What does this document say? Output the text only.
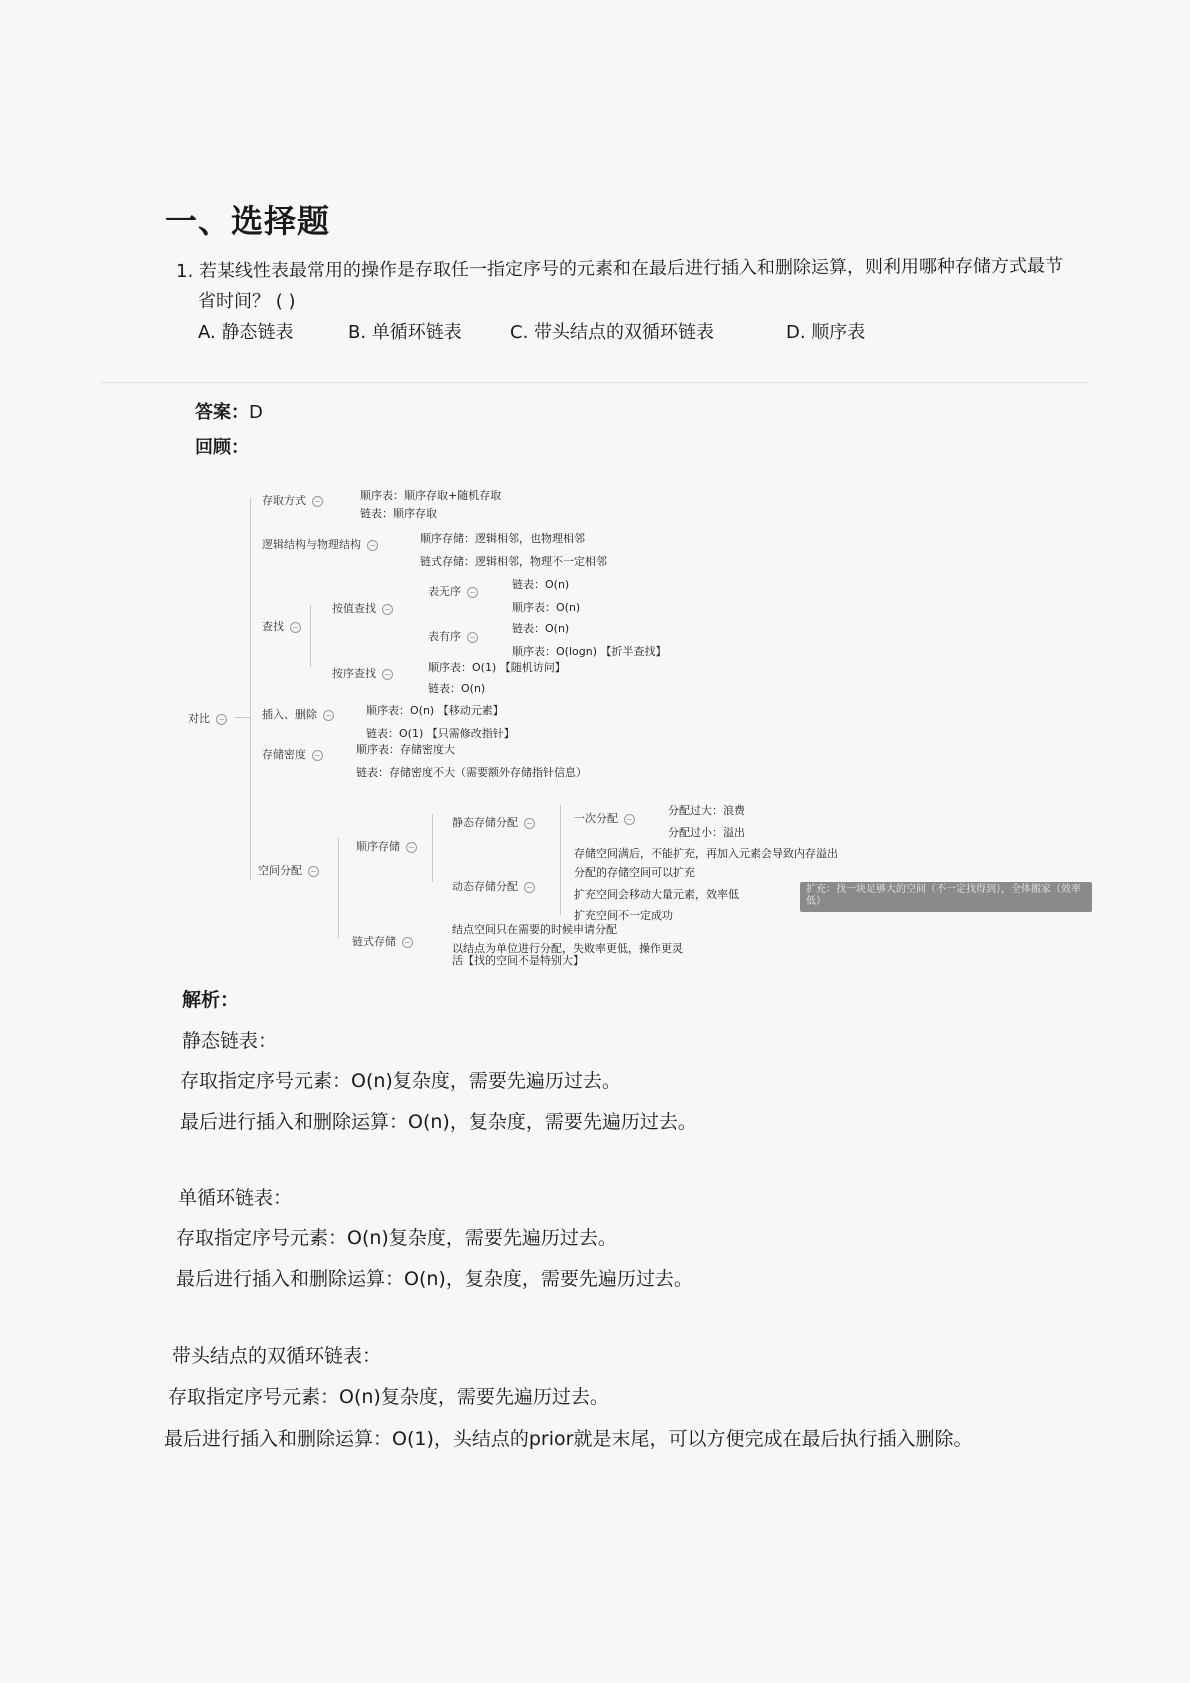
一、选择题
1. 若某线性表最常用的操作是存取任一指定序号的元素和在最后进行插入和删除运算，则利用哪种存储方式最节
省时间？ ( )
A. 静态链表	B. 单循环链表	C. 带头结点的双循环链表	D. 顺序表
答案：D
回顾：
对比 −
存取方式 −	顺序表：顺序存取+随机存取
链表：顺序存取
逻辑结构与物理结构 −	顺序存储：逻辑相邻，也物理相邻
链式存储：逻辑相邻，物理不一定相邻
查找 −
按值查找 −
表无序 −
链表：O(n)
顺序表：O(n)
表有序 −
链表：O(n)
顺序表：O(logn) 【折半查找】
按序查找 −	顺序表：O(1) 【随机访问】
链表：O(n)
插入、删除 −	顺序表：O(n) 【移动元素】
链表：O(1) 【只需修改指针】
存储密度 −	顺序表：存储密度大
链表：存储密度不大（需要额外存储指针信息）
空间分配 −
顺序存储 −
静态存储分配 −	一次分配 −
分配过大：浪费
分配过小：溢出
存储空间满后，不能扩充，再加入元素会导致内存溢出
动态存储分配 −
分配的存储空间可以扩充
扩充空间会移动大量元素，效率低
扩充空间不一定成功
扩充：找一块足够大的空间（不一定找得到），全体搬家（效率低）
链式存储 −
结点空间只在需要的时候申请分配
以结点为单位进行分配，失败率更低，操作更灵活【找的空间不是特别大】
解析：
静态链表：
存取指定序号元素：O(n)复杂度，需要先遍历过去。
最后进行插入和删除运算：O(n)，复杂度，需要先遍历过去。
单循环链表：
存取指定序号元素：O(n)复杂度，需要先遍历过去。
最后进行插入和删除运算：O(n)，复杂度，需要先遍历过去。
带头结点的双循环链表：
存取指定序号元素：O(n)复杂度，需要先遍历过去。
最后进行插入和删除运算：O(1)，头结点的prior就是末尾，可以方便完成在最后执行插入删除。
